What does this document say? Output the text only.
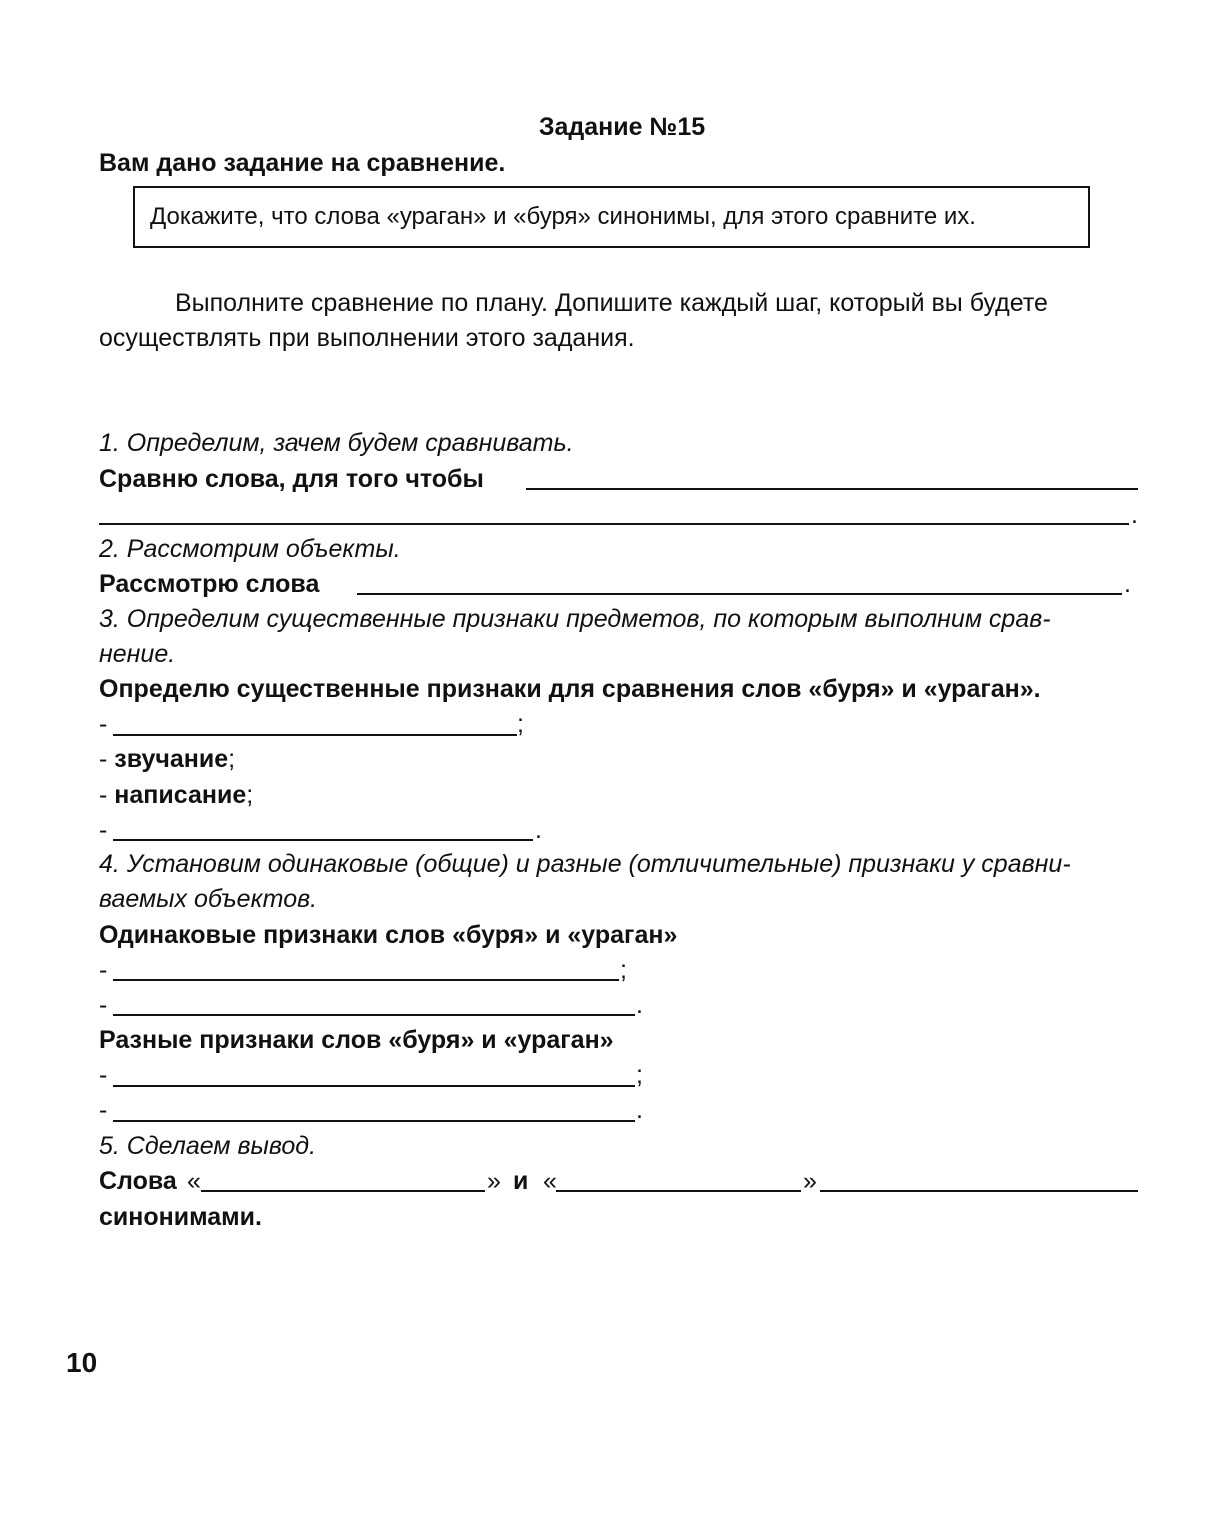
Задание №15
Вам дано задание на сравнение.
Докажите, что слова «ураган» и «буря» синонимы, для этого сравните их.
Выполните сравнение по плану. Допишите каждый шаг, который вы будете
осуществлять при выполнении этого задания.
1. Определим, зачем будем сравнивать.
Сравню слова, для того чтобы
.
2. Рассмотрим объекты.
Рассмотрю слова	.
3. Определим существенные признаки предметов, по которым выполним срав-
нение.
Определю существенные признаки для сравнения слов «буря» и «ураган».
-	;
- звучание;
- написание;
-	.
4. Установим одинаковые (общие) и разные (отличительные) признаки у сравни-
ваемых объектов.
Одинаковые признаки слов «буря» и «ураган»
-	;
-	.
Разные признаки слов «буря» и «ураган»
-	;
-	.
5. Сделаем вывод.
Слова «	» и «	»
синонимами.
10
